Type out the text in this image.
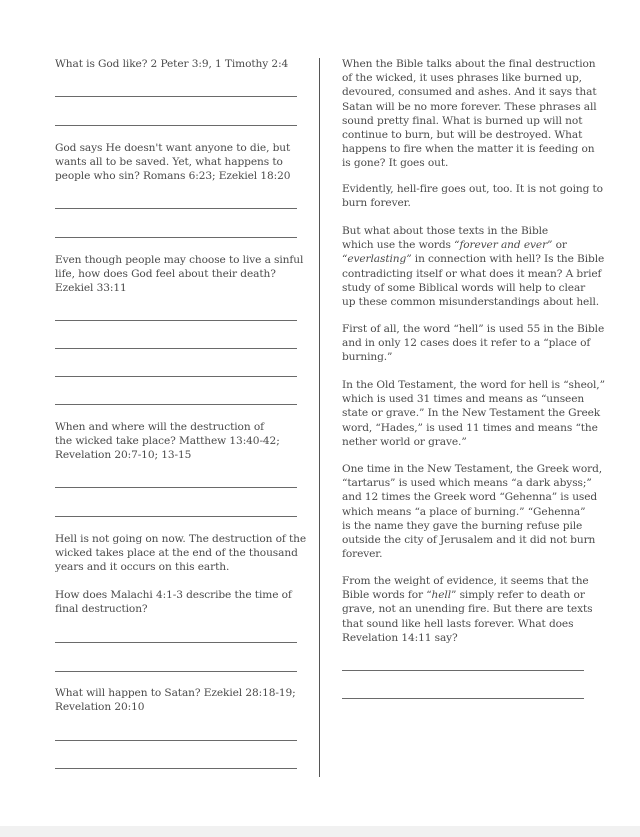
What is God like? 2 Peter 3:9, 1 Timothy 2:4

God says He doesn't want anyone to die, but
wants all to be saved. Yet, what happens to
people who sin? Romans 6:23; Ezekiel 18:20

Even though people may choose to live a sinful
life, how does God feel about their death?
Ezekiel 33:11

When and where will the destruction of
the wicked take place? Matthew 13:40-42;
Revelation 20:7-10; 13-15

Hell is not going on now. The destruction of the
wicked takes place at the end of the thousand
years and it occurs on this earth.

How does Malachi 4:1-3 describe the time of
final destruction?

What will happen to Satan? Ezekiel 28:18-19;
Revelation 20:10

When the Bible talks about the final destruction
of the wicked, it uses phrases like burned up,
devoured, consumed and ashes. And it says that
Satan will be no more forever. These phrases all
sound pretty final. What is burned up will not
continue to burn, but will be destroyed. What
happens to fire when the matter it is feeding on
is gone? It goes out.

Evidently, hell-fire goes out, too. It is not going to
burn forever.

But what about those texts in the Bible
which use the words “forever and ever” or
“everlasting” in connection with hell? Is the Bible
contradicting itself or what does it mean? A brief
study of some Biblical words will help to clear
up these common misunderstandings about hell.

First of all, the word “hell” is used 55 in the Bible
and in only 12 cases does it refer to a “place of
burning.”

In the Old Testament, the word for hell is “sheol,”
which is used 31 times and means as “unseen
state or grave.” In the New Testament the Greek
word, “Hades,” is used 11 times and means “the
nether world or grave.”

One time in the New Testament, the Greek word,
“tartarus” is used which means “a dark abyss;”
and 12 times the Greek word “Gehenna” is used
which means “a place of burning.” “Gehenna”
is the name they gave the burning refuse pile
outside the city of Jerusalem and it did not burn
forever.

From the weight of evidence, it seems that the
Bible words for “hell” simply refer to death or
grave, not an unending fire. But there are texts
that sound like hell lasts forever. What does
Revelation 14:11 say?
